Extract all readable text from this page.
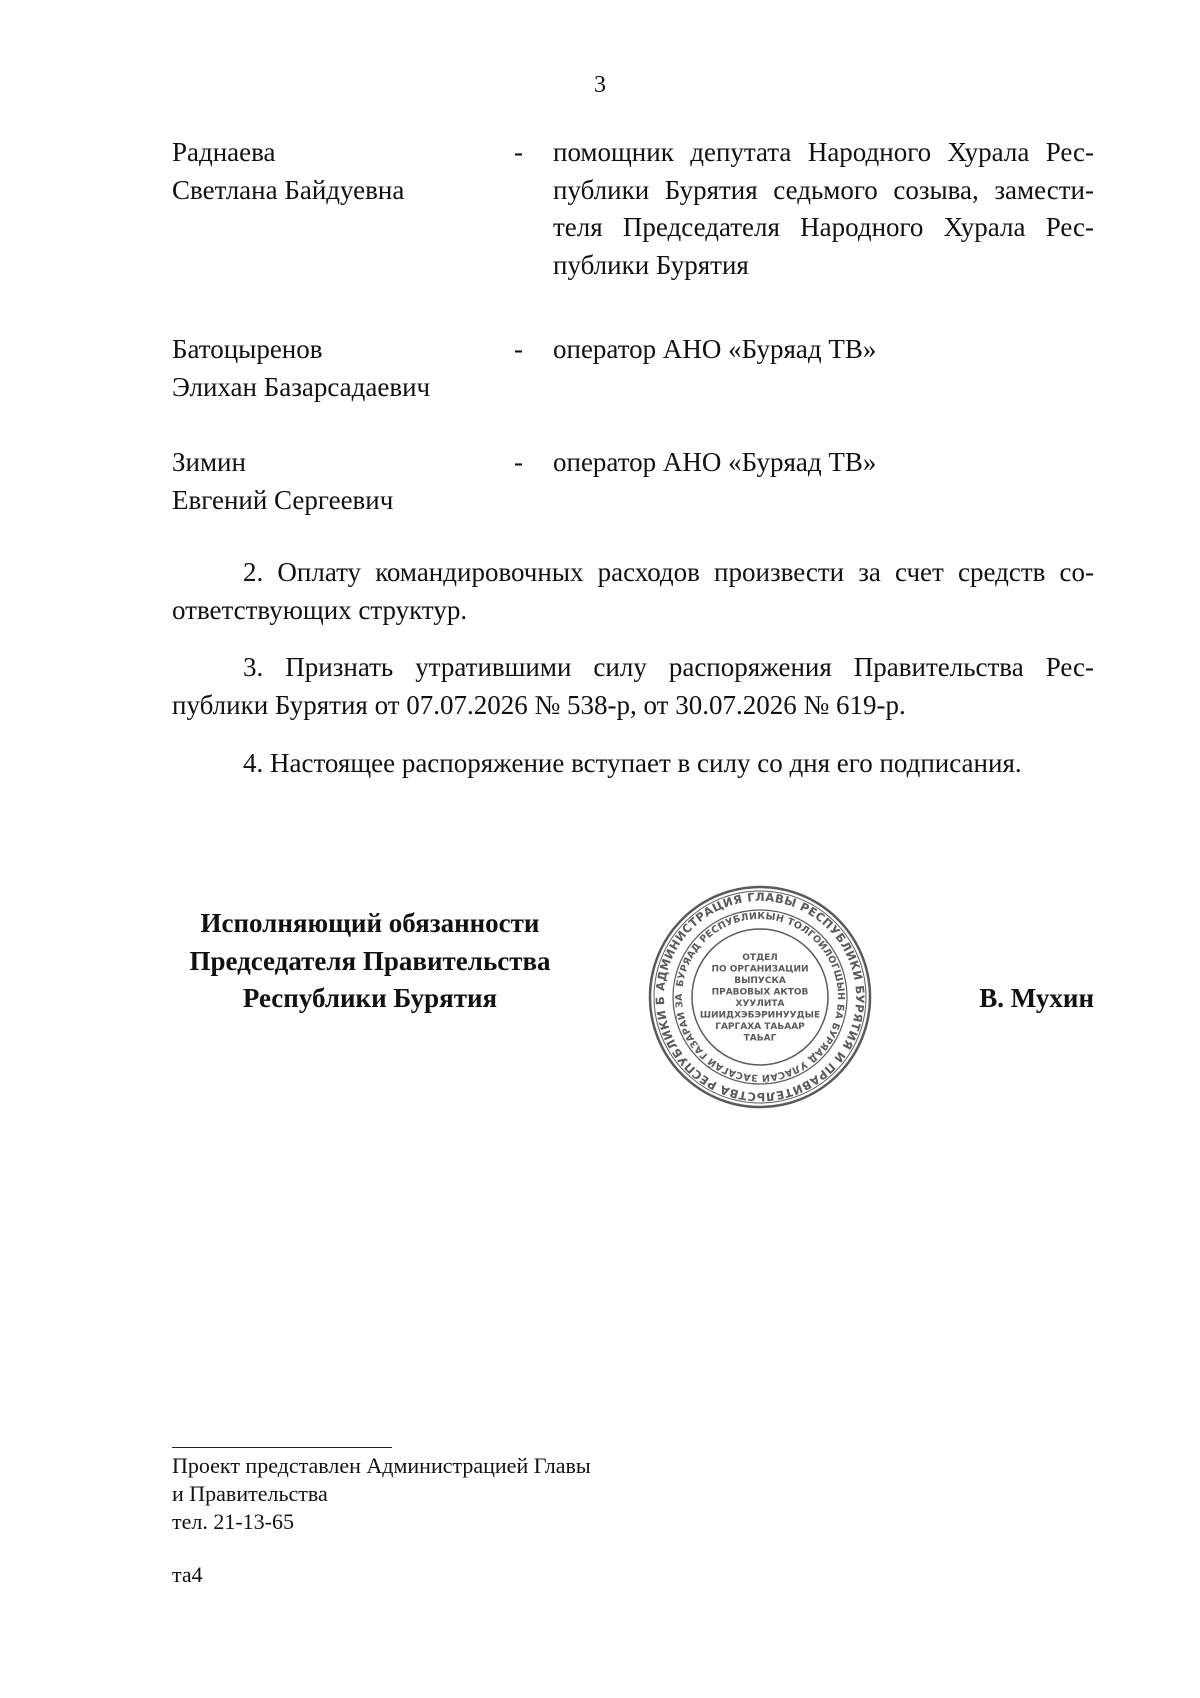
3
Раднаева
Светлана Байдуевна
- помощник депутата Народного Хурала Рес-
публики Бурятия седьмого созыва, замести-
теля Председателя Народного Хурала Рес-
публики Бурятия
Батоцыренов
Элихан Базарсадаевич
- оператор АНО «Буряад ТВ»
Зимин
Евгений Сергеевич
- оператор АНО «Буряад ТВ»
2. Оплату командировочных расходов произвести за счет средств со-
ответствующих структур.
3. Признать утратившими силу распоряжения Правительства Рес-
публики Бурятия от 07.07.2026 № 538-р, от 30.07.2026 № 619-р.
4. Настоящее распоряжение вступает в силу со дня его подписания.
Исполняющий обязанности
Председателя Правительства
Республики Бурятия	АДМИНИСТРАЦИЯ ГЛАВЫ РЕСПУБЛИКИ БУРЯТИЯ И ПРАВИТЕЛЬСТВА РЕСПУБЛИКИ Б
БУРЯАД РЕСПУБЛИКЫН ТОЛГОЙЛОГШЫН БА БУРЯАД УЛАСАЙ ЗАСАГАЙ ГАЗАРАЙ ЗА
ОТДЕЛ
ПО ОРГАНИЗАЦИИ
ВЫПУСКА
ПРАВОВЫХ АКТОВ
ХУУЛИТА
ШИИДХЭБЭРИНУУДЫЕ
ГАРГАХА ТАЬААР
ТАЬАГ
В. Мухин
Проект представлен Администрацией Главы
и Правительства
тел. 21-13-65
та4
